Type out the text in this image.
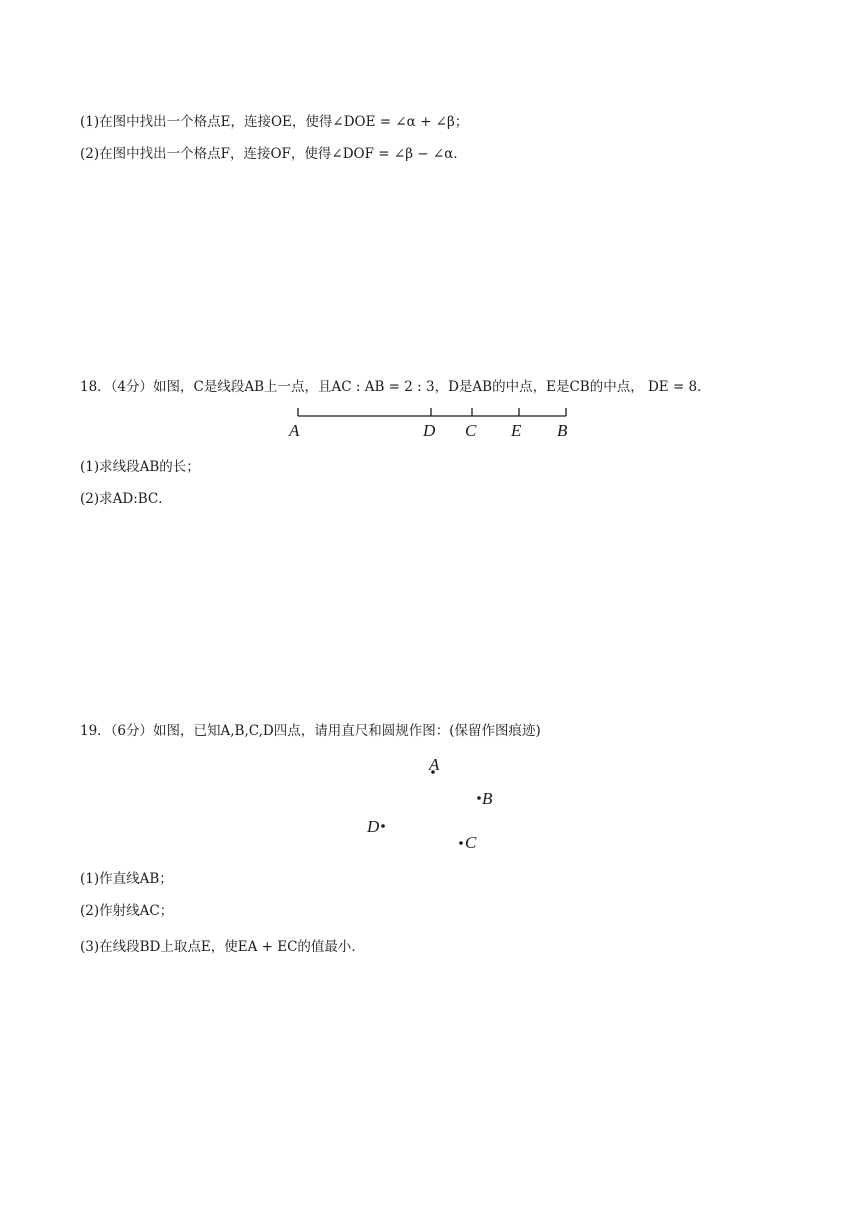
(1)在图中找出一个格点E，连接OE，使得∠DOE = ∠α + ∠β；
(2)在图中找出一个格点F，连接OF，使得∠DOF = ∠β − ∠α．
18．（4分）如图，C是线段AB上一点，且AC : AB = 2 : 3，D是AB的中点，E是CB的中点， DE = 8．
A	D C E B
(1)求线段AB的长；
(2)求AD:BC．
19．（6分）如图，已知A,B,C,D四点，请用直尺和圆规作图：(保留作图痕迹)
A
B
D
C
(1)作直线AB；
(2)作射线AC；
(3)在线段BD上取点E，使EA + EC的值最小．
